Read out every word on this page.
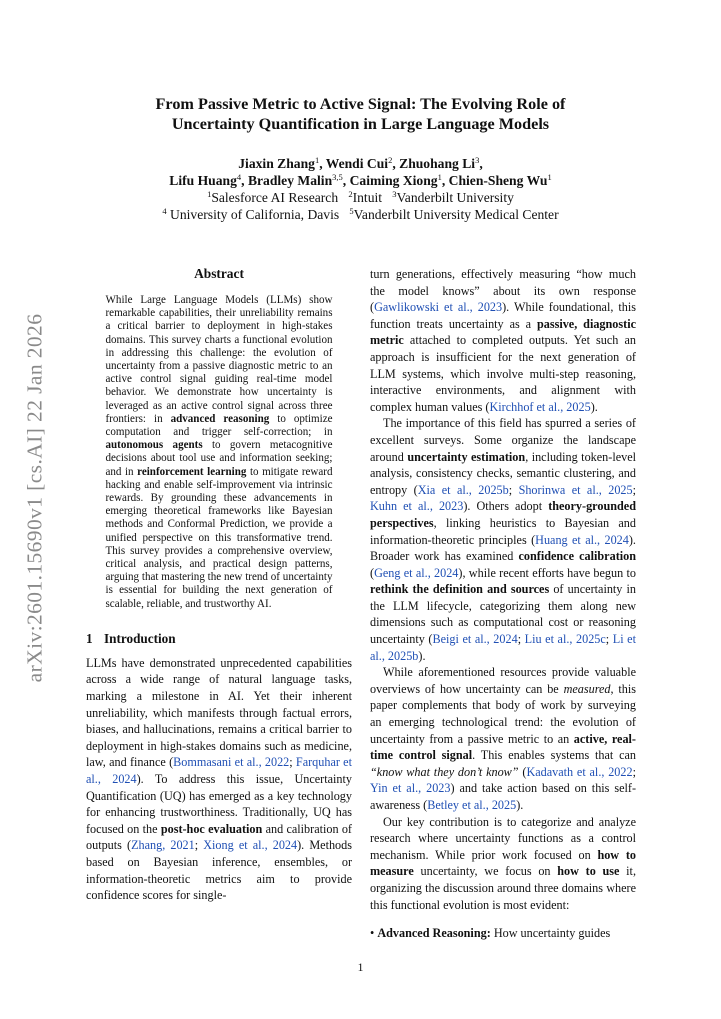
arXiv:2601.15690v1 [cs.AI] 22 Jan 2026
From Passive Metric to Active Signal: The Evolving Role of
Uncertainty Quantification in Large Language Models
Jiaxin Zhang$^1$, Wendi Cui$^2$, Zhuohang Li$^3$,
Lifu Huang$^4$, Bradley Malin$^{3,5}$, Caiming Xiong$^1$, Chien-Sheng Wu$^1$
$^1$Salesforce AI Research $^2$Intuit $^3$Vanderbilt University
$^4$ University of California, Davis $^5$Vanderbilt University Medical Center
Abstract

While Large Language Models (LLMs) show remarkable capabilities, their unreliability remains a critical barrier to deployment in high-stakes domains. This survey charts a functional evolution in addressing this challenge: the evolution of uncertainty from a passive diagnostic metric to an active control signal guiding real-time model behavior. We demonstrate how uncertainty is leveraged as an active control signal across three frontiers: in advanced reasoning to optimize computation and trigger self-correction; in autonomous agents to govern metacognitive decisions about tool use and information seeking; and in reinforcement learning to mitigate reward hacking and enable self-improvement via intrinsic rewards. By grounding these advancements in emerging theoretical frameworks like Bayesian methods and Conformal Prediction, we provide a unified perspective on this transformative trend. This survey provides a comprehensive overview, critical analysis, and practical design patterns, arguing that mastering the new trend of uncertainty is essential for building the next generation of scalable, reliable, and trustworthy AI.

1 Introduction

LLMs have demonstrated unprecedented capabilities across a wide range of natural language tasks, marking a milestone in AI. Yet their inherent unreliability, which manifests through factual errors, biases, and hallucinations, remains a critical barrier to deployment in high-stakes domains such as medicine, law, and finance (Bommasani et al., 2022; Farquhar et al., 2024). To address this issue, Uncertainty Quantification (UQ) has emerged as a key technology for enhancing trustworthiness. Traditionally, UQ has focused on the post-hoc evaluation and calibration of outputs (Zhang, 2021; Xiong et al., 2024). Methods based on Bayesian inference, ensembles, or information-theoretic metrics aim to provide confidence scores for single-

turn generations, effectively measuring “how much the model knows” about its own response (Gawlikowski et al., 2023). While foundational, this function treats uncertainty as a passive, diagnostic metric attached to completed outputs. Yet such an approach is insufficient for the next generation of LLM systems, which involve multi-step reasoning, interactive environments, and alignment with complex human values (Kirchhof et al., 2025).

The importance of this field has spurred a series of excellent surveys. Some organize the landscape around uncertainty estimation, including token-level analysis, consistency checks, semantic clustering, and entropy (Xia et al., 2025b; Shorinwa et al., 2025; Kuhn et al., 2023). Others adopt theory-grounded perspectives, linking heuristics to Bayesian and information-theoretic principles (Huang et al., 2024). Broader work has examined confidence calibration (Geng et al., 2024), while recent efforts have begun to rethink the definition and sources of uncertainty in the LLM lifecycle, categorizing them along new dimensions such as computational cost or reasoning uncertainty (Beigi et al., 2024; Liu et al., 2025c; Li et al., 2025b).

While aforementioned resources provide valuable overviews of how uncertainty can be measured, this paper complements that body of work by surveying an emerging technological trend: the evolution of uncertainty from a passive metric to an active, real-time control signal. This enables systems that can “know what they don’t know” (Kadavath et al., 2022; Yin et al., 2023) and take action based on this self-awareness (Betley et al., 2025).

Our key contribution is to categorize and analyze research where uncertainty functions as a control mechanism. While prior work focused on how to measure uncertainty, we focus on how to use it, organizing the discussion around three domains where this functional evolution is most evident:

• Advanced Reasoning: How uncertainty guides

1
